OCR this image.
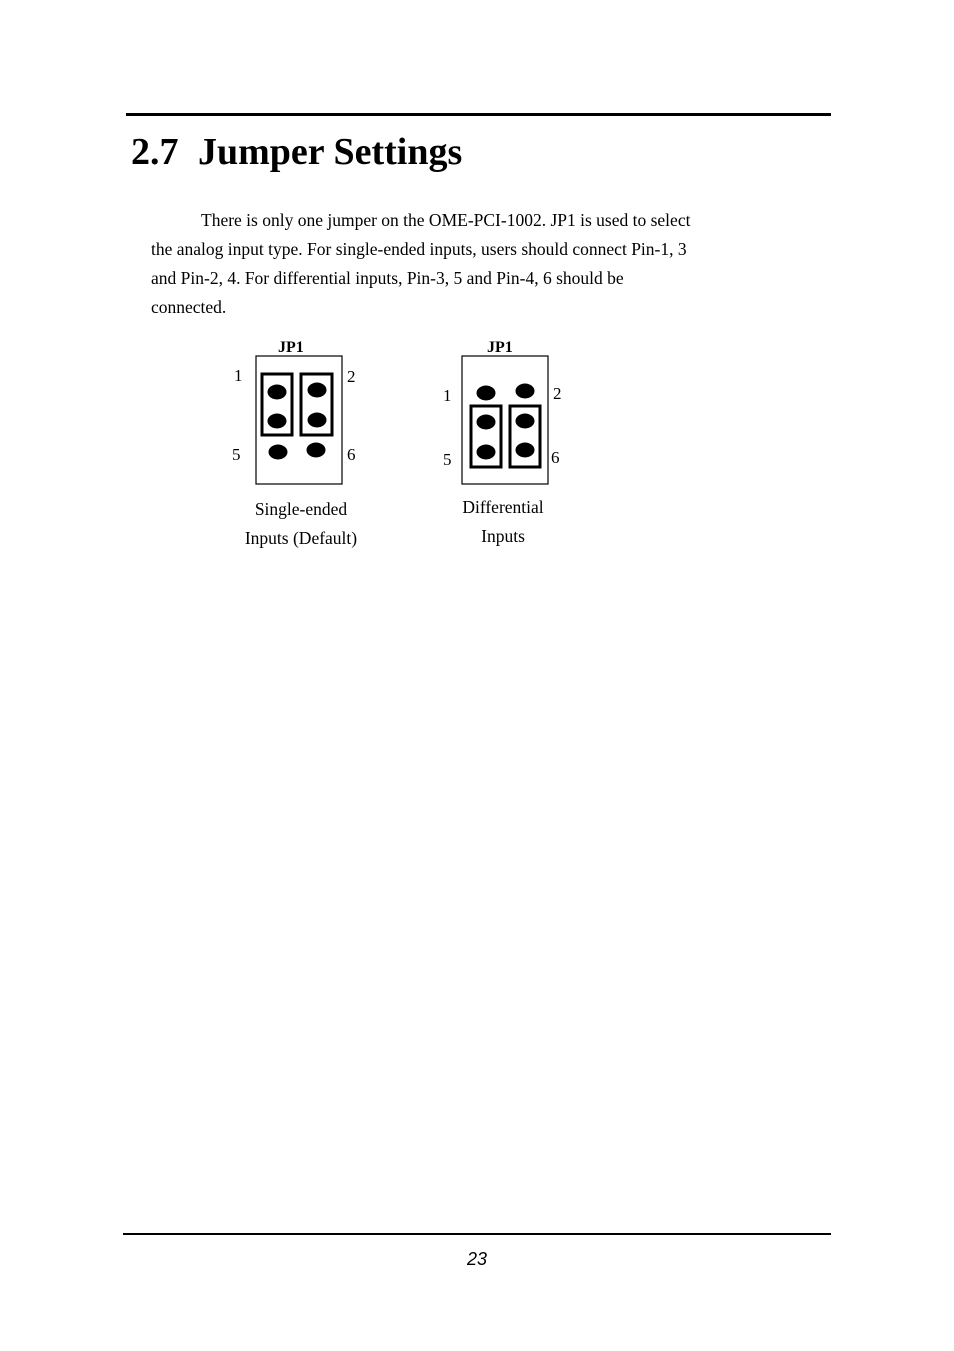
2.7 Jumper Settings

There is only one jumper on the OME-PCI-1002. JP1 is used to select
the analog input type. For single-ended inputs, users should connect Pin-1, 3
and Pin-2, 4. For differential inputs, Pin-3, 5 and Pin-4, 6 should be
connected.

JP1
1	2
5	6
Single-ended
Inputs (Default)
JP1
1	2
5	6
Differential
Inputs
23
